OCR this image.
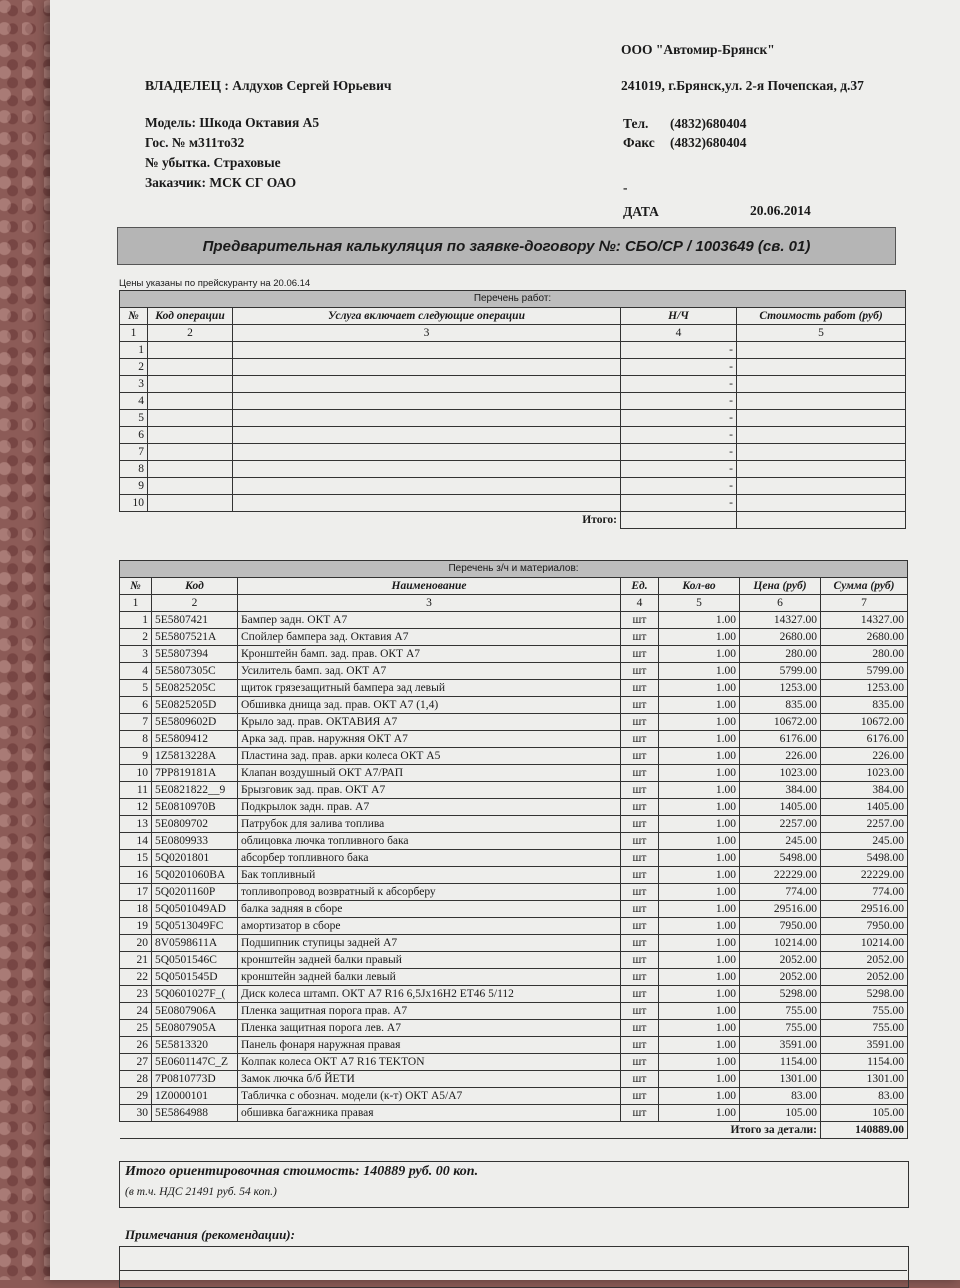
ООО "Автомир-Брянск"
ВЛАДЕЛЕЦ : Алдухов Сергей Юрьевич	241019, г.Брянск,ул. 2-я Почепская, д.37
Модель: Шкода Октавия А5
Гос. № м311то32
№ убытка. Страховые
Заказчик: МСК СГ ОАО
Тел. (4832)680404
Факс (4832)680404
-
ДАТА	20.06.2014
Предварительная калькуляция по заявке-договору №: СБО/СР / 1003649 (св. 01)
Цены указаны по прейскуранту на 20.06.14
Перечень работ:				
№	Код операции	Услуга включает следующие операции	Н/Ч	Стоимость работ (руб)
1	2	3	4	5
1			-	
2			-	
3			-	
4			-	
5			-	
6			-	
7			-	
8			-	
9			-	
10			-	
Итого:				
Перечень з/ч и материалов:						
№	Код	Наименование	Ед.	Кол-во	Цена (руб)	Сумма (руб)
1	2	3	4	5	6	7
1	5E5807421	Бампер задн. ОКТ А7	шт	1.00	14327.00	14327.00
2	5E5807521A	Спойлер бампера зад. Октавия А7	шт	1.00	2680.00	2680.00
3	5E5807394	Кронштейн бамп. зад. прав. ОКТ А7	шт	1.00	280.00	280.00
4	5E5807305C	Усилитель бамп. зад. ОКТ А7	шт	1.00	5799.00	5799.00
5	5E0825205C	щиток грязезащитный бампера зад левый	шт	1.00	1253.00	1253.00
6	5E0825205D	Обшивка днища зад. прав. ОКТ А7 (1,4)	шт	1.00	835.00	835.00
7	5E5809602D	Крыло зад. прав. ОКТАВИЯ А7	шт	1.00	10672.00	10672.00
8	5E5809412	Арка зад. прав. наружняя ОКТ А7	шт	1.00	6176.00	6176.00
9	1Z5813228A	Пластина зад. прав. арки колеса ОКТ А5	шт	1.00	226.00	226.00
10	7PP819181A	Клапан воздушный ОКТ А7/РАП	шт	1.00	1023.00	1023.00
11	5E0821822__9	Брызговик зад. прав. ОКТ А7	шт	1.00	384.00	384.00
12	5E0810970B	Подкрылок задн. прав. А7	шт	1.00	1405.00	1405.00
13	5E0809702	Патрубок для залива топлива	шт	1.00	2257.00	2257.00
14	5E0809933	облицовка лючка топливного бака	шт	1.00	245.00	245.00
15	5Q0201801	абсорбер топливного бака	шт	1.00	5498.00	5498.00
16	5Q0201060BA	Бак топливный	шт	1.00	22229.00	22229.00
17	5Q0201160P	топливопровод возвратный к абсорберу	шт	1.00	774.00	774.00
18	5Q0501049AD	балка задняя в сборе	шт	1.00	29516.00	29516.00
19	5Q0513049FC	амортизатор в сборе	шт	1.00	7950.00	7950.00
20	8V0598611A	Подшипник ступицы задней А7	шт	1.00	10214.00	10214.00
21	5Q0501546C	кронштейн задней балки правый	шт	1.00	2052.00	2052.00
22	5Q0501545D	кронштейн задней балки левый	шт	1.00	2052.00	2052.00
23	5Q0601027F_(	Диск колеса штамп. ОКТ А7 R16 6,5Jx16H2 ET46 5/112	шт	1.00	5298.00	5298.00
24	5E0807906A	Пленка защитная порога прав. А7	шт	1.00	755.00	755.00
25	5E0807905A	Пленка защитная порога лев. А7	шт	1.00	755.00	755.00
26	5E5813320	Панель фонаря наружная правая	шт	1.00	3591.00	3591.00
27	5E0601147C_Z	Колпак колеса ОКТ А7 R16 TEKTON	шт	1.00	1154.00	1154.00
28	7P0810773D	Замок лючка б/б ЙЕТИ	шт	1.00	1301.00	1301.00
29	1Z0000101	Табличка с обознач. модели (к-т) ОКТ А5/А7	шт	1.00	83.00	83.00
30	5E5864988	обшивка багажника правая	шт	1.00	105.00	105.00
Итого за детали:						140889.00
Итого ориентировочная стоимость: 140889 руб. 00 коп.
(в т.ч. НДС 21491 руб. 54 коп.)
Примечания (рекомендации):
